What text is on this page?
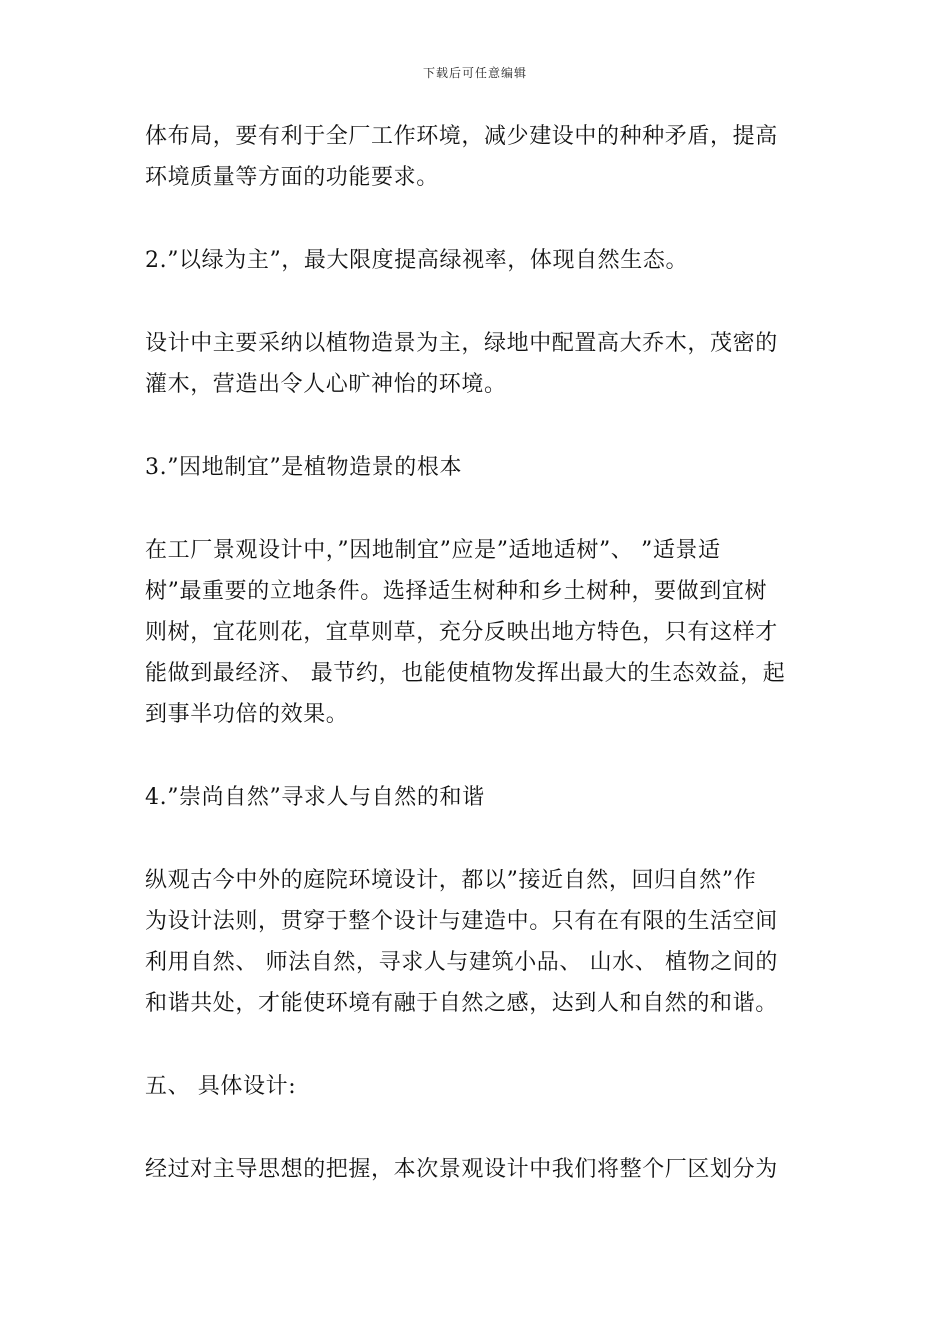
下载后可任意编辑

体布局，要有利于全厂工作环境，减少建设中的种种矛盾，提高
环境质量等方面的功能要求。

2.”以绿为主”，最大限度提高绿视率，体现自然生态。

设计中主要采纳以植物造景为主，绿地中配置高大乔木，茂密的
灌木，营造出令人心旷神怡的环境。

3.”因地制宜”是植物造景的根本

在工厂景观设计中，”因地制宜”应是”适地适树”、 ”适景适
树”最重要的立地条件。选择适生树种和乡土树种，要做到宜树
则树，宜花则花，宜草则草，充分反映出地方特色，只有这样才
能做到最经济、 最节约，也能使植物发挥出最大的生态效益，起
到事半功倍的效果。

4.”崇尚自然”寻求人与自然的和谐

纵观古今中外的庭院环境设计，都以”接近自然，回归自然”作
为设计法则，贯穿于整个设计与建造中。只有在有限的生活空间
利用自然、 师法自然，寻求人与建筑小品、 山水、 植物之间的
和谐共处，才能使环境有融于自然之感，达到人和自然的和谐。

五、 具体设计:

经过对主导思想的把握，本次景观设计中我们将整个厂区划分为
